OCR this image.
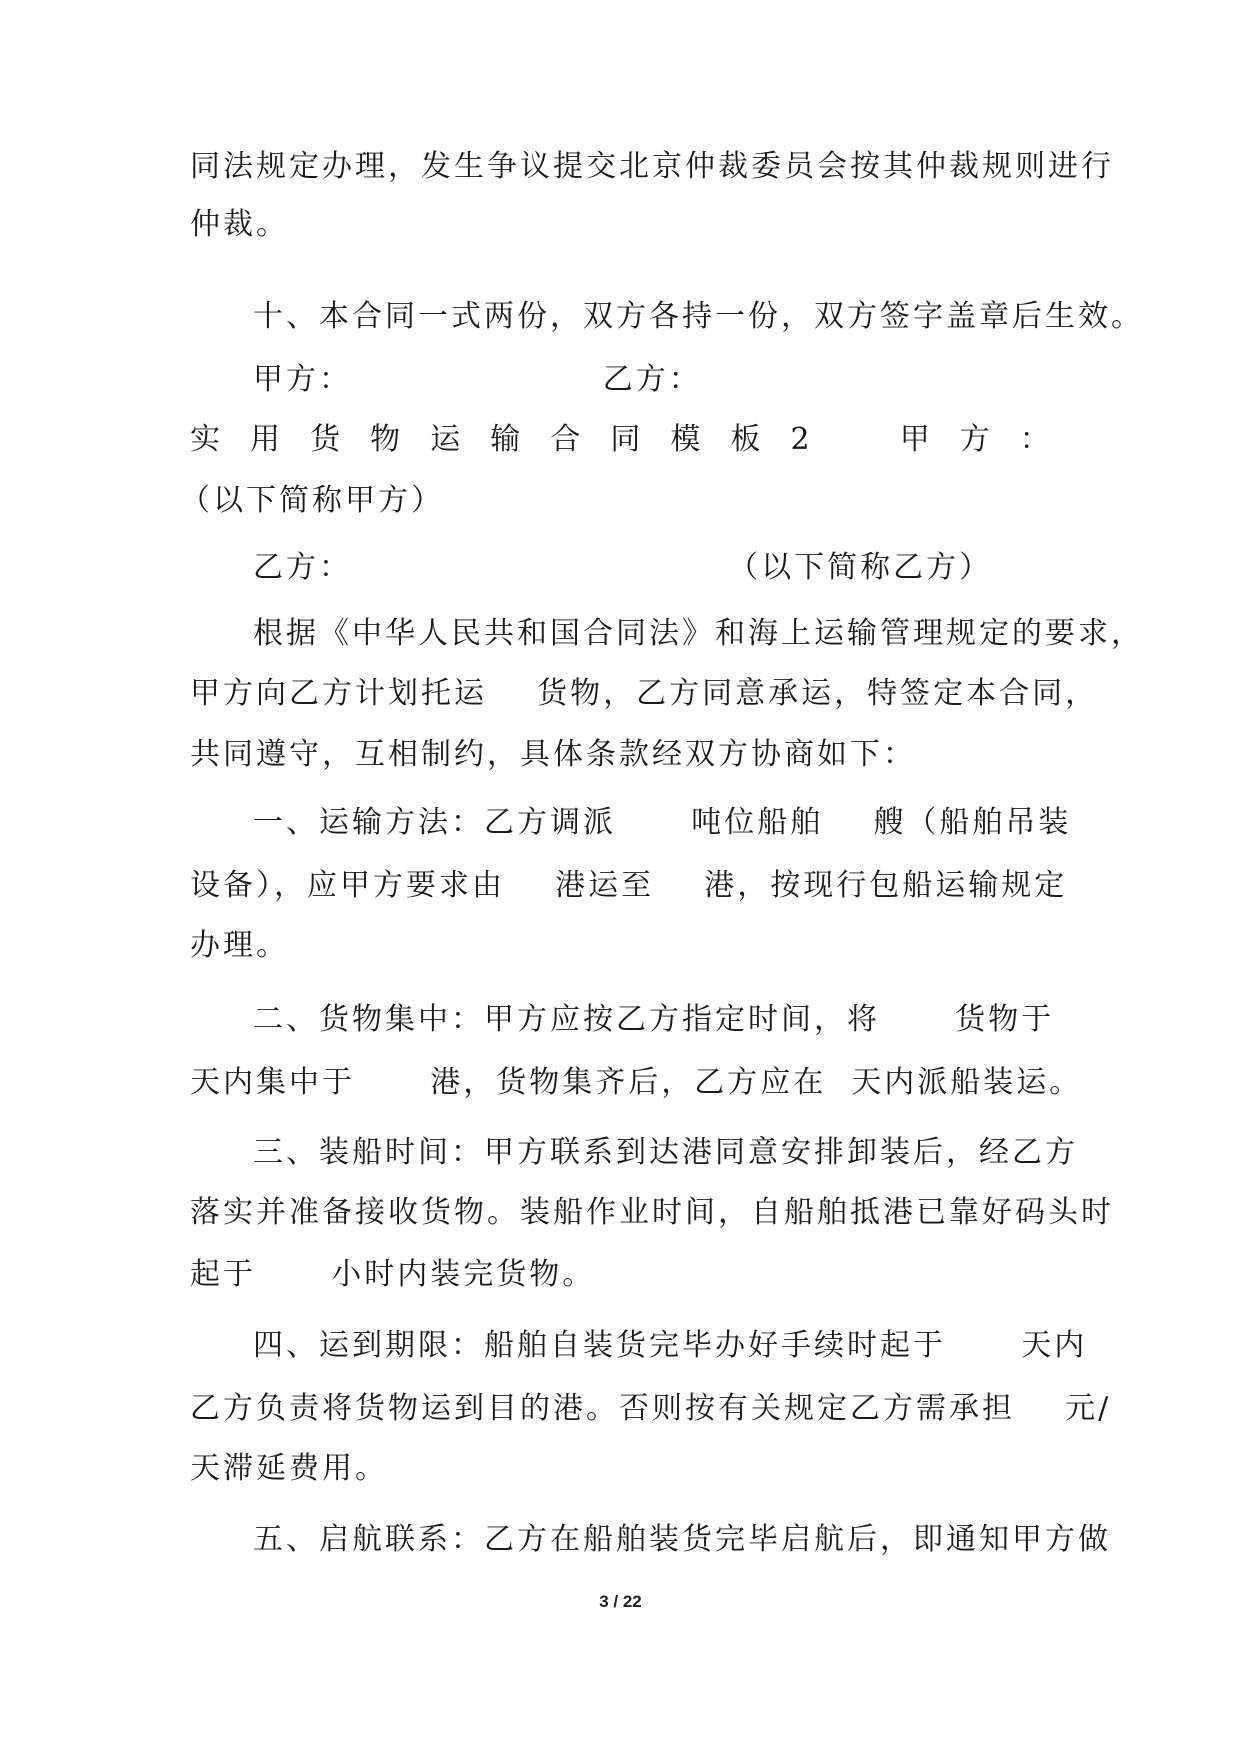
同法规定办理，发生争议提交北京仲裁委员会按其仲裁规则进行
仲裁。
十、本合同一式两份，双方各持一份，双方签字盖章后生效。
甲方：                    乙方：
实 用 货 物 运 输 合 同 模 板 2	甲 方 ：
（以下简称甲方）
乙方：                              （以下简称乙方）
根据《中华人民共和国合同法》和海上运输管理规定的要求，
甲方向乙方计划托运    货物，乙方同意承运，特签定本合同，
共同遵守，互相制约，具体条款经双方协商如下：
一、运输方法：乙方调派      吨位船舶    艘（船舶吊装
设备），应甲方要求由    港运至    港，按现行包船运输规定
办理。
二、货物集中：甲方应按乙方指定时间，将      货物于
天内集中于      港，货物集齐后，乙方应在  天内派船装运。
三、装船时间：甲方联系到达港同意安排卸装后，经乙方
落实并准备接收货物。装船作业时间，自船舶抵港已靠好码头时
起于      小时内装完货物。
四、运到期限：船舶自装货完毕办好手续时起于      天内
乙方负责将货物运到目的港。否则按有关规定乙方需承担    元/
天滞延费用。
五、启航联系：乙方在船舶装货完毕启航后，即通知甲方做
3 / 22
